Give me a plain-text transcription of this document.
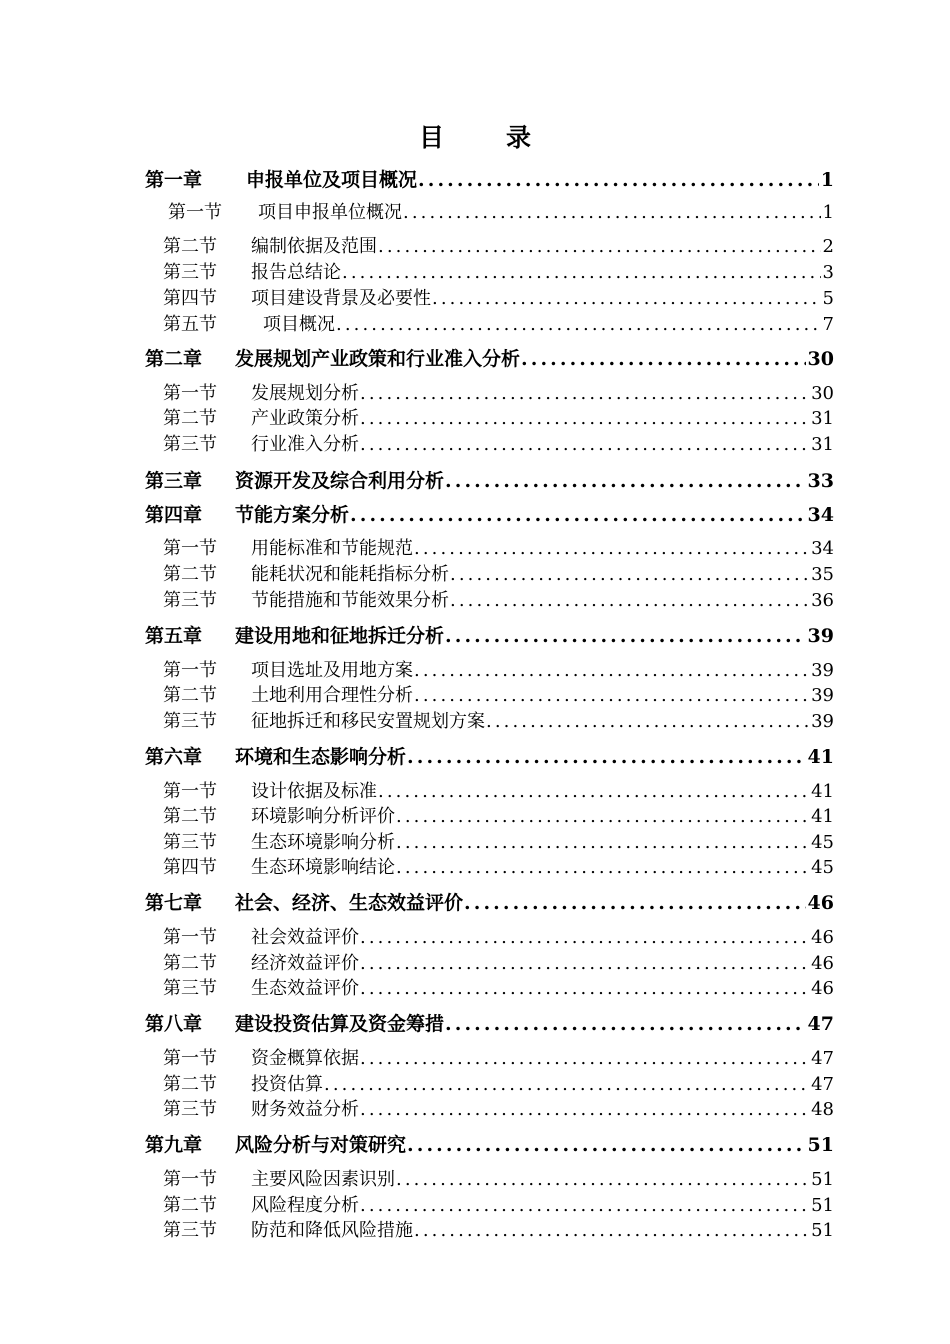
目 录
第一章	申报单位及项目概况 .....	1
第一节	项目申报单位概况 .....	1
第二节	编制依据及范围 .....	2
第三节	报告总结论 .....	3
第四节	项目建设背景及必要性 .....	5
第五节	项目概况 .....	7
第二章	发展规划产业政策和行业准入分析 .....	30
第一节	发展规划分析 .....	30
第二节	产业政策分析 .....	31
第三节	行业准入分析 .....	31
第三章	资源开发及综合利用分析 .....	33
第四章	节能方案分析 .....	34
第一节	用能标准和节能规范 .....	34
第二节	能耗状况和能耗指标分析 .....	35
第三节	节能措施和节能效果分析 .....	36
第五章	建设用地和征地拆迁分析 .....	39
第一节	项目选址及用地方案 .....	39
第二节	土地利用合理性分析 .....	39
第三节	征地拆迁和移民安置规划方案 .....	39
第六章	环境和生态影响分析 .....	41
第一节	设计依据及标准 .....	41
第二节	环境影响分析评价 .....	41
第三节	生态环境影响分析 .....	45
第四节	生态环境影响结论 .....	45
第七章	社会、经济、生态效益评价 .....	46
第一节	社会效益评价 .....	46
第二节	经济效益评价 .....	46
第三节	生态效益评价 .....	46
第八章	建设投资估算及资金筹措 .....	47
第一节	资金概算依据 .....	47
第二节	投资估算 .....	47
第三节	财务效益分析 .....	48
第九章	风险分析与对策研究 .....	51
第一节	主要风险因素识别 .....	51
第二节	风险程度分析 .....	51
第三节	防范和降低风险措施 .....	51
